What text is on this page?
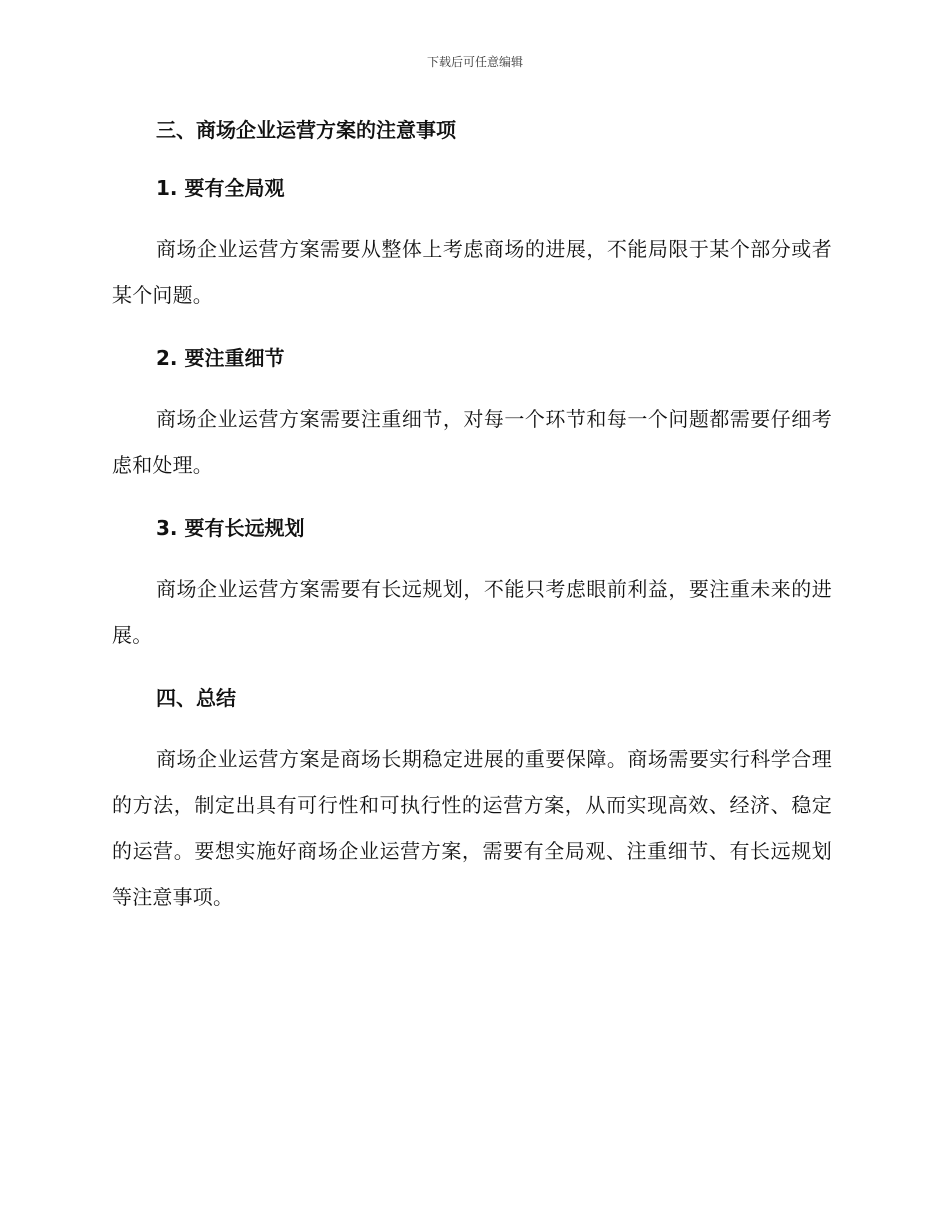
下载后可任意编辑

三、商场企业运营方案的注意事项
1. 要有全局观

商场企业运营方案需要从整体上考虑商场的进展，不能局限于某个部分或者某个问题。

2. 要注重细节

商场企业运营方案需要注重细节，对每一个环节和每一个问题都需要仔细考虑和处理。

3. 要有长远规划

商场企业运营方案需要有长远规划，不能只考虑眼前利益，要注重未来的进展。

四、总结

商场企业运营方案是商场长期稳定进展的重要保障。商场需要实行科学合理的方法，制定出具有可行性和可执行性的运营方案，从而实现高效、经济、稳定的运营。要想实施好商场企业运营方案，需要有全局观、注重细节、有长远规划等注意事项。
